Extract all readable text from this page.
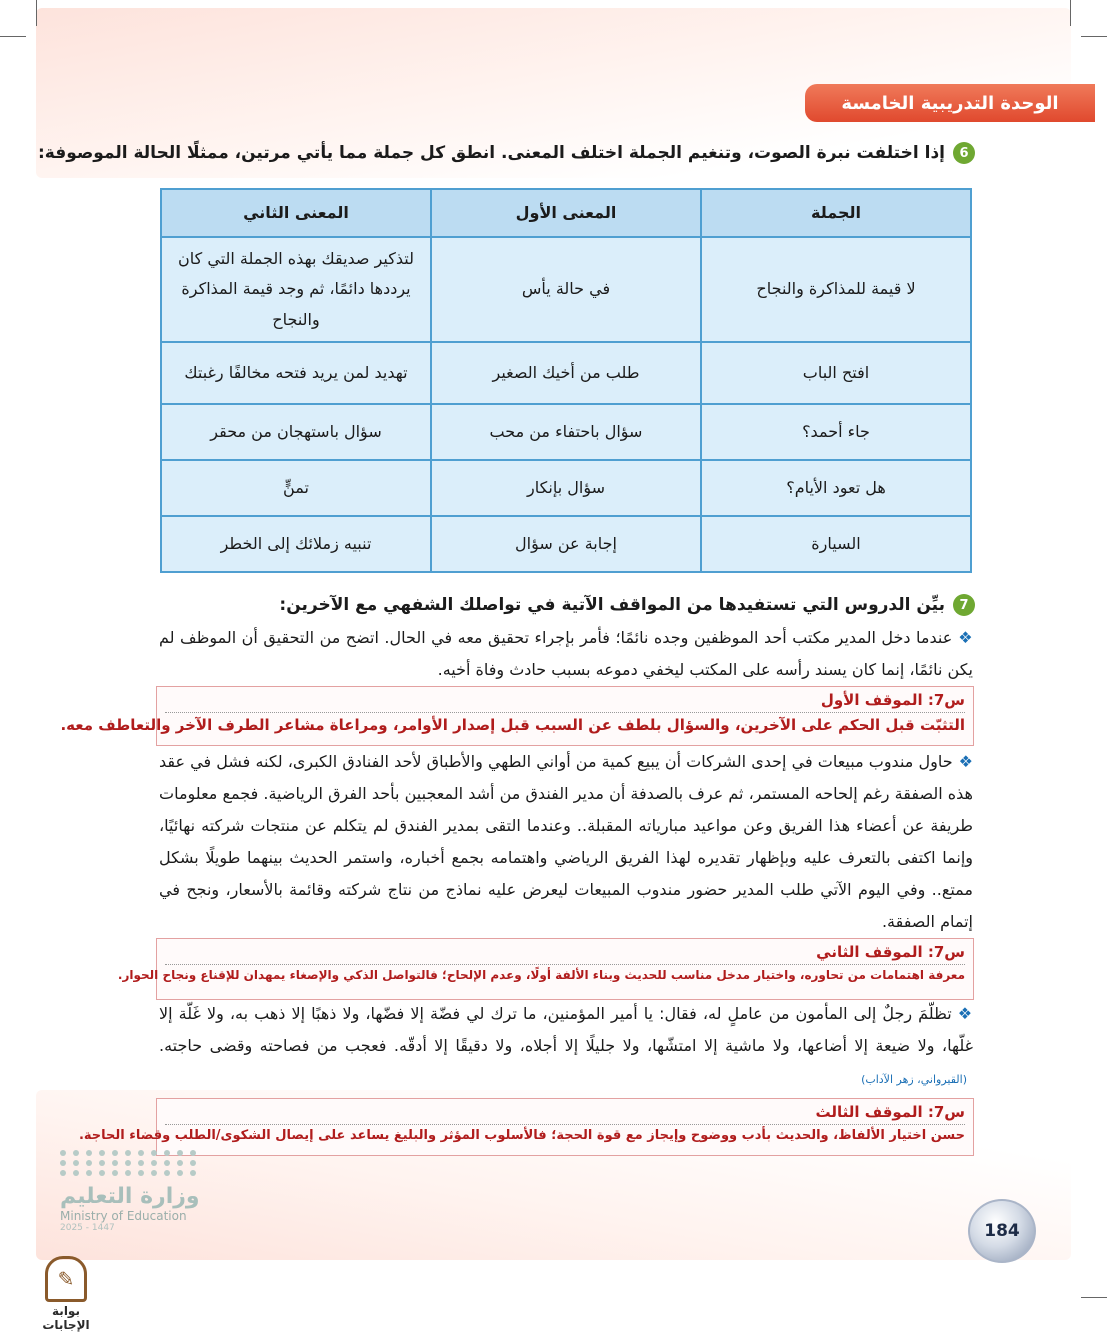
الوحدة التدريبية الخامسة
6
إذا اختلفت نبرة الصوت، وتنغيم الجملة اختلف المعنى. انطق كل جملة مما يأتي مرتين، ممثلًا الحالة الموصوفة:
الجملة	المعنى الأول	المعنى الثاني
لا قيمة للمذاكرة والنجاح	في حالة يأس	لتذكير صديقك بهذه الجملة التي كان يرددها دائمًا، ثم وجد قيمة المذاكرة والنجاح
افتح الباب	طلب من أخيك الصغير	تهديد لمن يريد فتحه مخالفًا رغبتك
جاء أحمد؟	سؤال باحتفاء من محب	سؤال باستهجان من محقر
هل تعود الأيام؟	سؤال بإنكار	تمنٍّ
السيارة	إجابة عن سؤال	تنبيه زملائك إلى الخطر
7
بيِّن الدروس التي تستفيدها من المواقف الآتية في تواصلك الشفهي مع الآخرين:
❖عندما دخل المدير مكتب أحد الموظفين وجده نائمًا؛ فأمر بإجراء تحقيق معه في الحال. اتضح من التحقيق أن الموظف لم يكن نائمًا، إنما كان يسند رأسه على المكتب ليخفي دموعه بسبب حادث وفاة أخيه.
س7: الموقف الأول
التثبّت قبل الحكم على الآخرين، والسؤال بلطف عن السبب قبل إصدار الأوامر، ومراعاة مشاعر الطرف الآخر والتعاطف معه.
❖حاول مندوب مبيعات في إحدى الشركات أن يبيع كمية من أواني الطهي والأطباق لأحد الفنادق الكبرى، لكنه فشل في عقد هذه الصفقة رغم إلحاحه المستمر، ثم عرف بالصدفة أن مدير الفندق من أشد المعجبين بأحد الفرق الرياضية. فجمع معلومات طريفة عن أعضاء هذا الفريق وعن مواعيد مبارياته المقبلة.. وعندما التقى بمدير الفندق لم يتكلم عن منتجات شركته نهائيًا، وإنما اكتفى بالتعرف عليه وبإظهار تقديره لهذا الفريق الرياضي واهتمامه بجمع أخباره، واستمر الحديث بينهما طويلًا بشكل ممتع.. وفي اليوم الآتي طلب المدير حضور مندوب المبيعات ليعرض عليه نماذج من نتاج شركته وقائمة بالأسعار، ونجح في إتمام الصفقة.
س7: الموقف الثاني
معرفة اهتمامات من تحاوره، واختيار مدخل مناسب للحديث وبناء الألفة أولًا، وعدم الإلحاح؛ فالتواصل الذكي والإصغاء يمهدان للإقناع ونجاح الحوار.
❖تظلّمَ رجلٌ إلى المأمون من عاملٍ له، فقال: يا أمير المؤمنين، ما ترك لي فضّة إلا فضّها، ولا ذهبًا إلا ذهب به، ولا غَلّة إلا غلّها، ولا ضيعة إلا أضاعها، ولا ماشية إلا امتشّها، ولا جليلًا إلا أجلاه، ولا دقيقًا إلا أدقّه. فعجب من فصاحته وقضى حاجته.(القيرواني، زهر الآداب)
س7: الموقف الثالث
حسن اختيار الألفاظ، والحديث بأدب ووضوح وإيجاز مع قوة الحجة؛ فالأسلوب المؤثر والبليغ يساعد على إيصال الشكوى/الطلب وقضاء الحاجة.
184
وزارة التعليم
Ministry of Education
2025 - 1447
✎
بوابة الإجابات
